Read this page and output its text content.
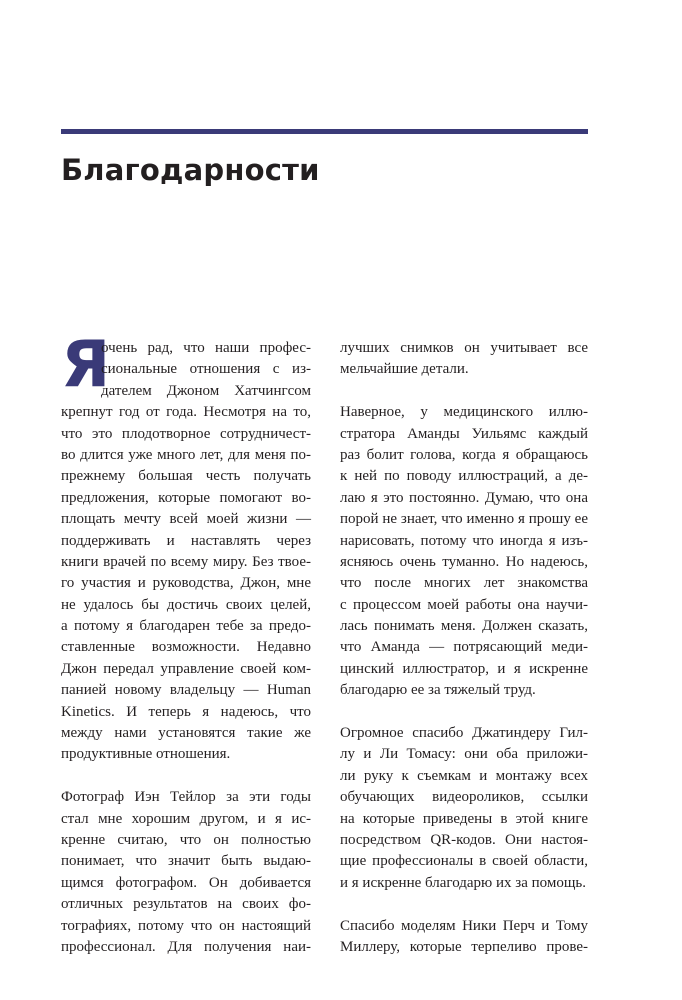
Благодарности
Я
очень рад, что наши профес-
сиональные отношения с из-
дателем Джоном Хатчингсом
крепнут год от года. Несмотря на то,
что это плодотворное сотрудничест-
во длится уже много лет, для меня по-
прежнему большая честь получать
предложения, которые помогают во-
площать мечту всей моей жизни —
поддерживать и наставлять через
книги врачей по всему миру. Без твое-
го участия и руководства, Джон, мне
не удалось бы достичь своих целей,
а потому я благодарен тебе за предо-
ставленные возможности. Недавно
Джон передал управление своей ком-
панией новому владельцу — Human
Kinetics. И теперь я надеюсь, что
между нами установятся такие же
продуктивные отношения.
Фотограф Иэн Тейлор за эти годы
стал мне хорошим другом, и я ис-
кренне считаю, что он полностью
понимает, что значит быть выдаю-
щимся фотографом. Он добивается
отличных результатов на своих фо-
тографиях, потому что он настоящий
профессионал. Для получения наи-
лучших снимков он учитывает все
мельчайшие детали.
Наверное, у медицинского иллю-
стратора Аманды Уильямс каждый
раз болит голова, когда я обращаюсь
к ней по поводу иллюстраций, а де-
лаю я это постоянно. Думаю, что она
порой не знает, что именно я прошу ее
нарисовать, потому что иногда я изъ-
ясняюсь очень туманно. Но надеюсь,
что после многих лет знакомства
с процессом моей работы она научи-
лась понимать меня. Должен сказать,
что Аманда — потрясающий меди-
цинский иллюстратор, и я искренне
благодарю ее за тяжелый труд.
Огромное спасибо Джатиндеру Гил-
лу и Ли Томасу: они оба приложи-
ли руку к съемкам и монтажу всех
обучающих видеороликов, ссылки
на которые приведены в этой книге
посредством QR-кодов. Они настоя-
щие профессионалы в своей области,
и я искренне благодарю их за помощь.
Спасибо моделям Ники Перч и Тому
Миллеру, которые терпеливо прове-
